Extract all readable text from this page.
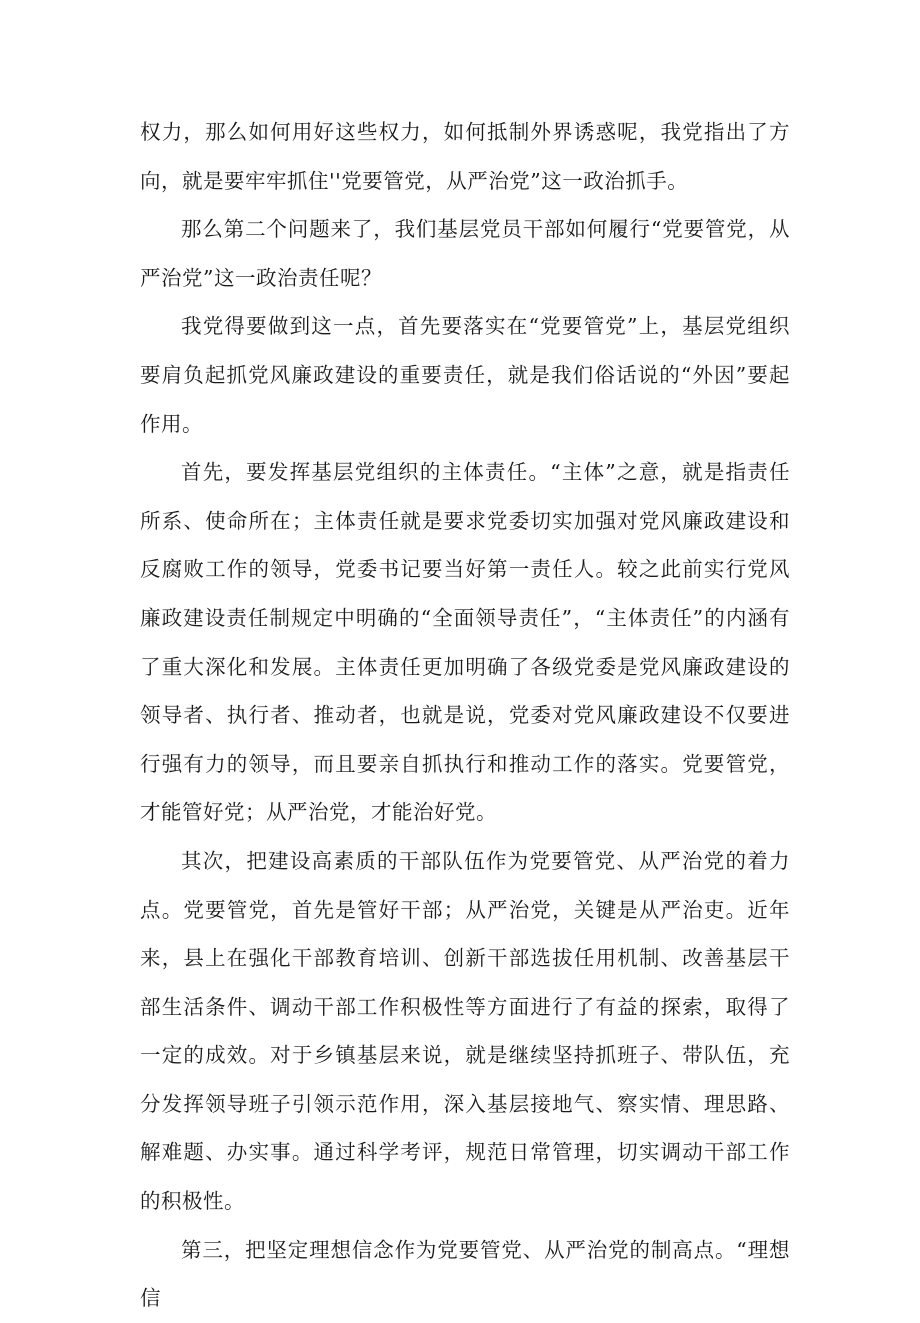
权力，那么如何用好这些权力，如何抵制外界诱惑呢，我党指出了方向，就是要牢牢抓住''党要管党，从严治党”这一政治抓手。

那么第二个问题来了，我们基层党员干部如何履行“党要管党，从严治党”这一政治责任呢？

我党得要做到这一点，首先要落实在“党要管党”上，基层党组织要肩负起抓党风廉政建设的重要责任，就是我们俗话说的“外因”要起作用。

首先，要发挥基层党组织的主体责任。“主体”之意，就是指责任所系、使命所在；主体责任就是要求党委切实加强对党风廉政建设和反腐败工作的领导，党委书记要当好第一责任人。较之此前实行党风廉政建设责任制规定中明确的“全面领导责任”，“主体责任”的内涵有了重大深化和发展。主体责任更加明确了各级党委是党风廉政建设的领导者、执行者、推动者，也就是说，党委对党风廉政建设不仅要进行强有力的领导，而且要亲自抓执行和推动工作的落实。党要管党，才能管好党；从严治党，才能治好党。

其次，把建设高素质的干部队伍作为党要管党、从严治党的着力点。党要管党，首先是管好干部；从严治党，关键是从严治吏。近年来，县上在强化干部教育培训、创新干部选拔任用机制、改善基层干部生活条件、调动干部工作积极性等方面进行了有益的探索，取得了一定的成效。对于乡镇基层来说，就是继续坚持抓班子、带队伍，充分发挥领导班子引领示范作用，深入基层接地气、察实情、理思路、解难题、办实事。通过科学考评，规范日常管理，切实调动干部工作的积极性。

第三，把坚定理想信念作为党要管党、从严治党的制高点。“理想信
